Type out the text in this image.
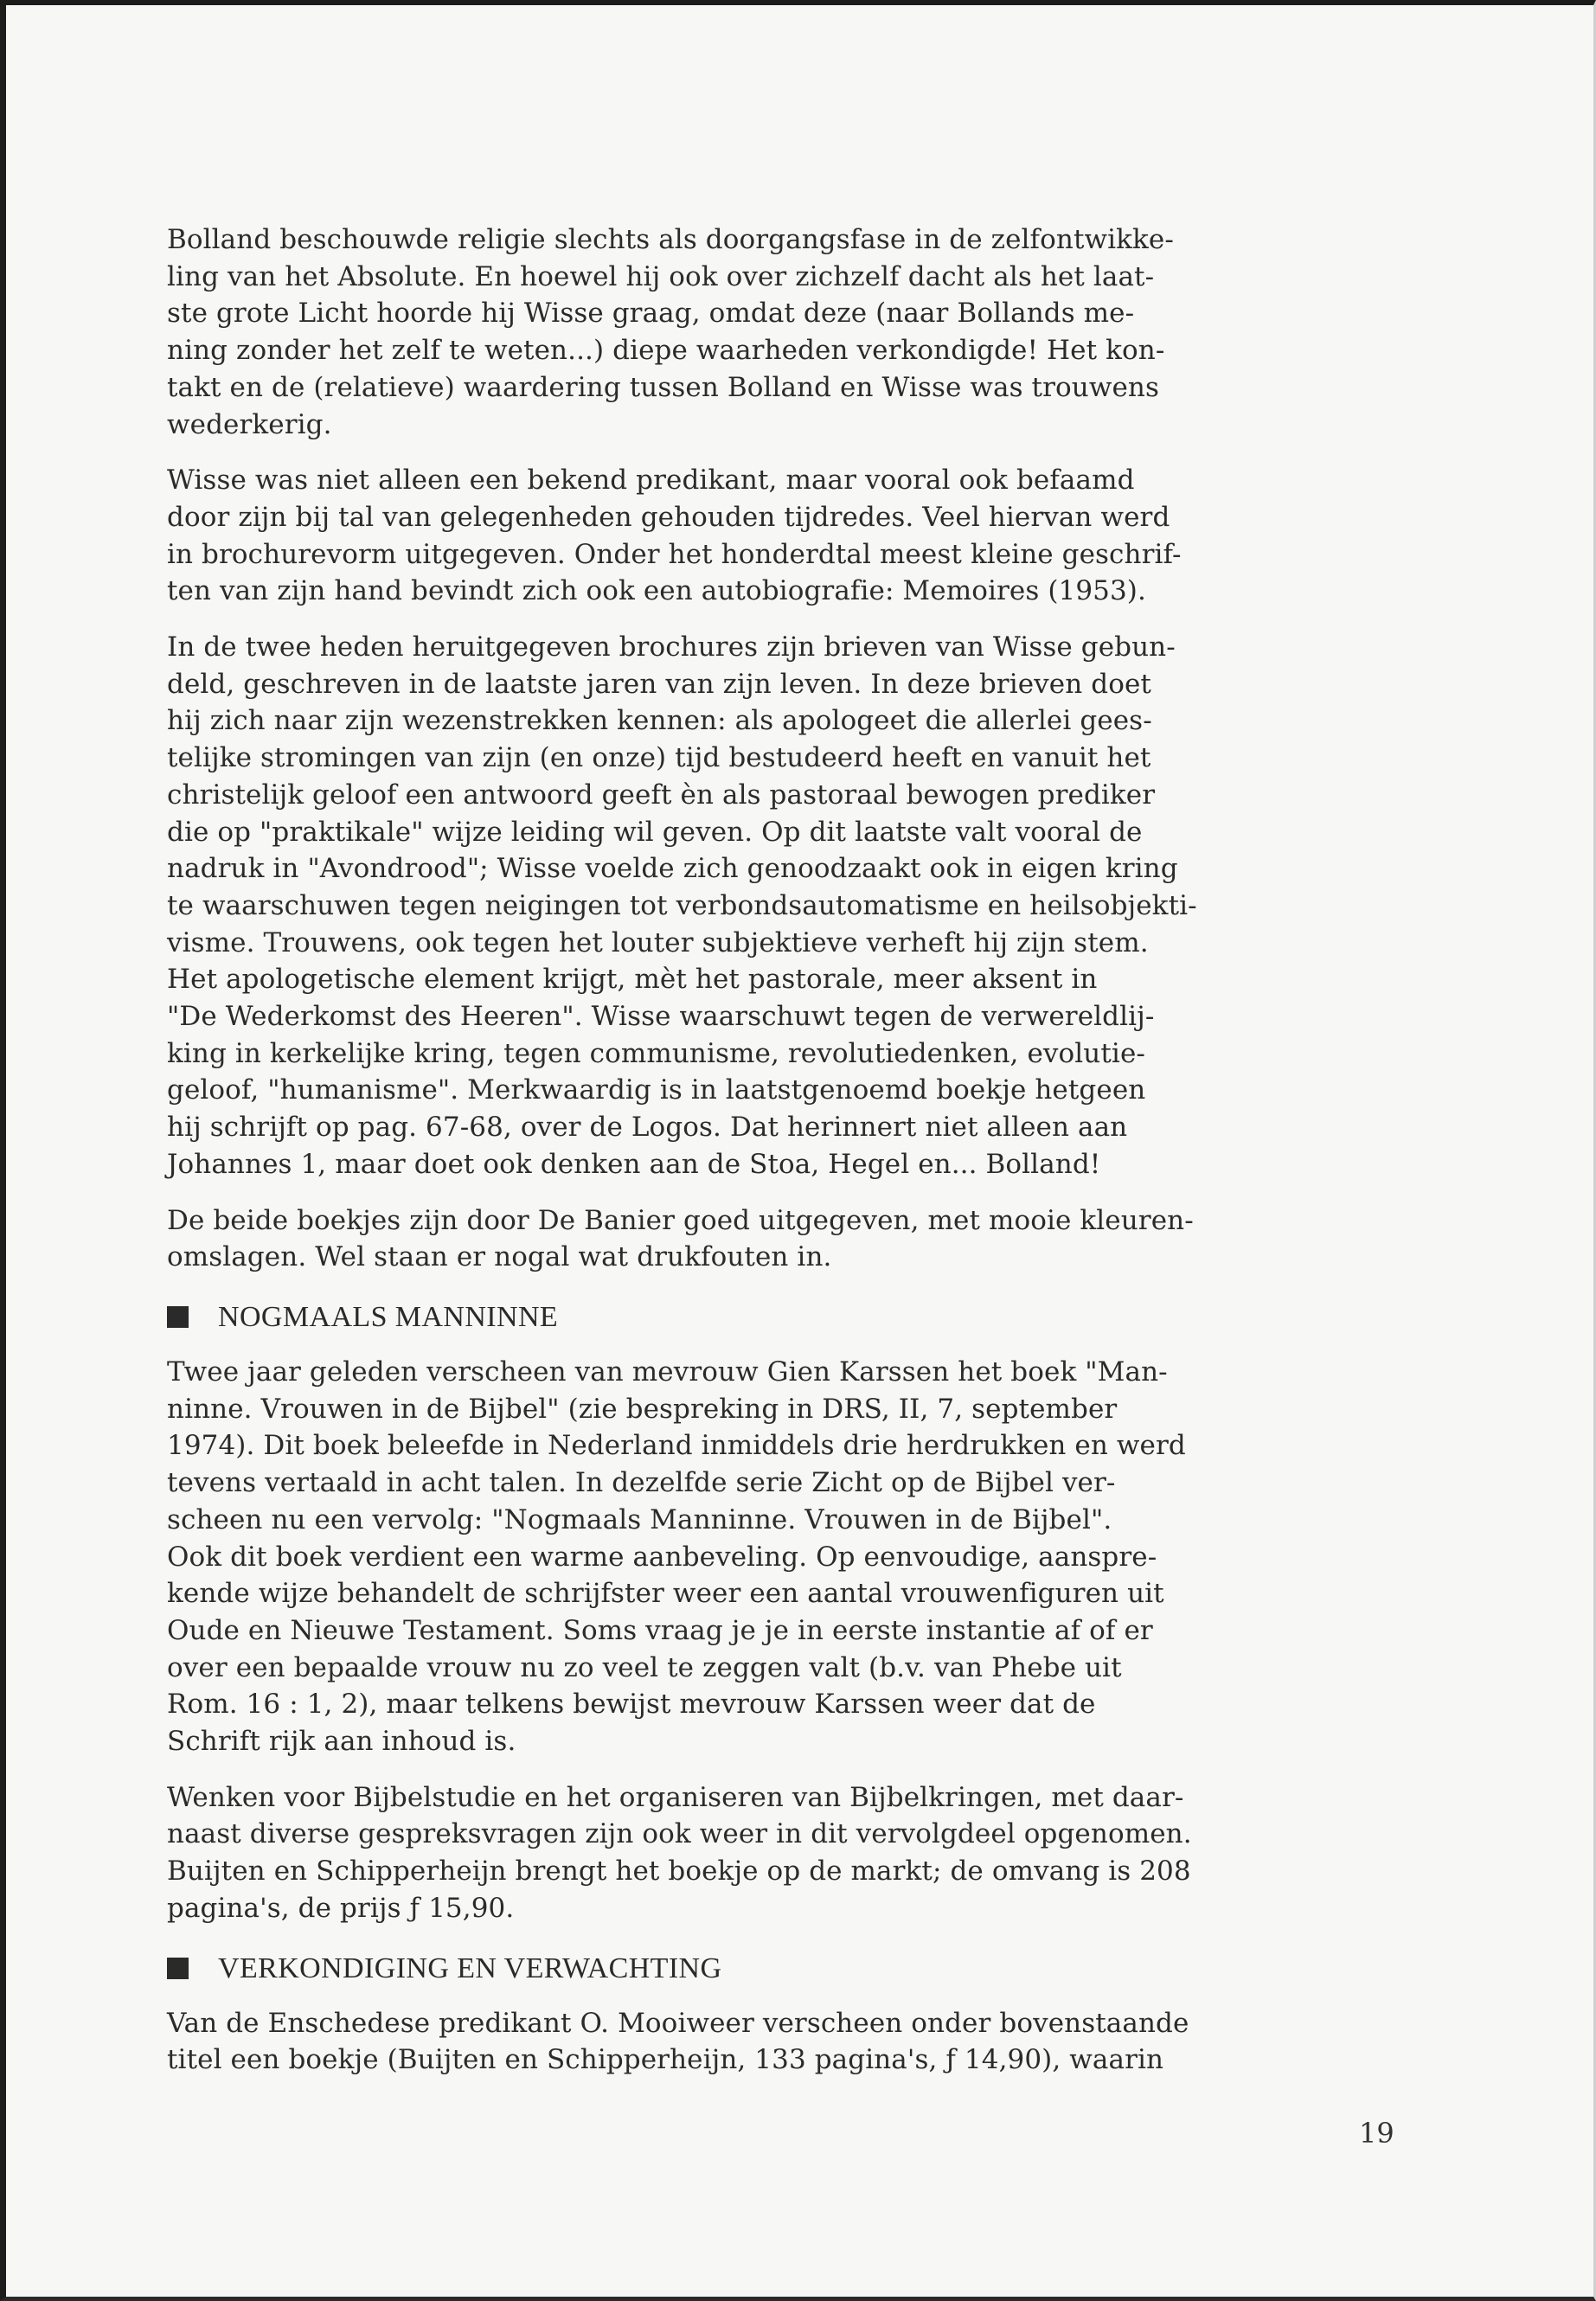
Bolland beschouwde religie slechts als doorgangsfase in de zelfontwikke-
ling van het Absolute. En hoewel hij ook over zichzelf dacht als het laat-
ste grote Licht hoorde hij Wisse graag, omdat deze (naar Bollands me-
ning zonder het zelf te weten...) diepe waarheden verkondigde! Het kon-
takt en de (relatieve) waardering tussen Bolland en Wisse was trouwens
wederkerig.

Wisse was niet alleen een bekend predikant, maar vooral ook befaamd
door zijn bij tal van gelegenheden gehouden tijdredes. Veel hiervan werd
in brochurevorm uitgegeven. Onder het honderdtal meest kleine geschrif-
ten van zijn hand bevindt zich ook een autobiografie: Memoires (1953).

In de twee heden heruitgegeven brochures zijn brieven van Wisse gebun-
deld, geschreven in de laatste jaren van zijn leven. In deze brieven doet
hij zich naar zijn wezenstrekken kennen: als apologeet die allerlei gees-
telijke stromingen van zijn (en onze) tijd bestudeerd heeft en vanuit het
christelijk geloof een antwoord geeft èn als pastoraal bewogen prediker
die op "praktikale" wijze leiding wil geven. Op dit laatste valt vooral de
nadruk in "Avondrood"; Wisse voelde zich genoodzaakt ook in eigen kring
te waarschuwen tegen neigingen tot verbondsautomatisme en heilsobjekti-
visme. Trouwens, ook tegen het louter subjektieve verheft hij zijn stem.
Het apologetische element krijgt, mèt het pastorale, meer aksent in
"De Wederkomst des Heeren". Wisse waarschuwt tegen de verwereldlij-
king in kerkelijke kring, tegen communisme, revolutiedenken, evolutie-
geloof, "humanisme". Merkwaardig is in laatstgenoemd boekje hetgeen
hij schrijft op pag. 67-68, over de Logos. Dat herinnert niet alleen aan
Johannes 1, maar doet ook denken aan de Stoa, Hegel en... Bolland!

De beide boekjes zijn door De Banier goed uitgegeven, met mooie kleuren-
omslagen. Wel staan er nogal wat drukfouten in.

NOGMAALS MANNINNE

Twee jaar geleden verscheen van mevrouw Gien Karssen het boek "Man-
ninne. Vrouwen in de Bijbel" (zie bespreking in DRS, II, 7, september
1974). Dit boek beleefde in Nederland inmiddels drie herdrukken en werd
tevens vertaald in acht talen. In dezelfde serie Zicht op de Bijbel ver-
scheen nu een vervolg: "Nogmaals Manninne. Vrouwen in de Bijbel".
Ook dit boek verdient een warme aanbeveling. Op eenvoudige, aanspre-
kende wijze behandelt de schrijfster weer een aantal vrouwenfiguren uit
Oude en Nieuwe Testament. Soms vraag je je in eerste instantie af of er
over een bepaalde vrouw nu zo veel te zeggen valt (b.v. van Phebe uit
Rom. 16 : 1, 2), maar telkens bewijst mevrouw Karssen weer dat de
Schrift rijk aan inhoud is.

Wenken voor Bijbelstudie en het organiseren van Bijbelkringen, met daar-
naast diverse gespreksvragen zijn ook weer in dit vervolgdeel opgenomen.
Buijten en Schipperheijn brengt het boekje op de markt; de omvang is 208
pagina's, de prijs ƒ 15,90.

VERKONDIGING EN VERWACHTING

Van de Enschedese predikant O. Mooiweer verscheen onder bovenstaande
titel een boekje (Buijten en Schipperheijn, 133 pagina's, ƒ 14,90), waarin

19
